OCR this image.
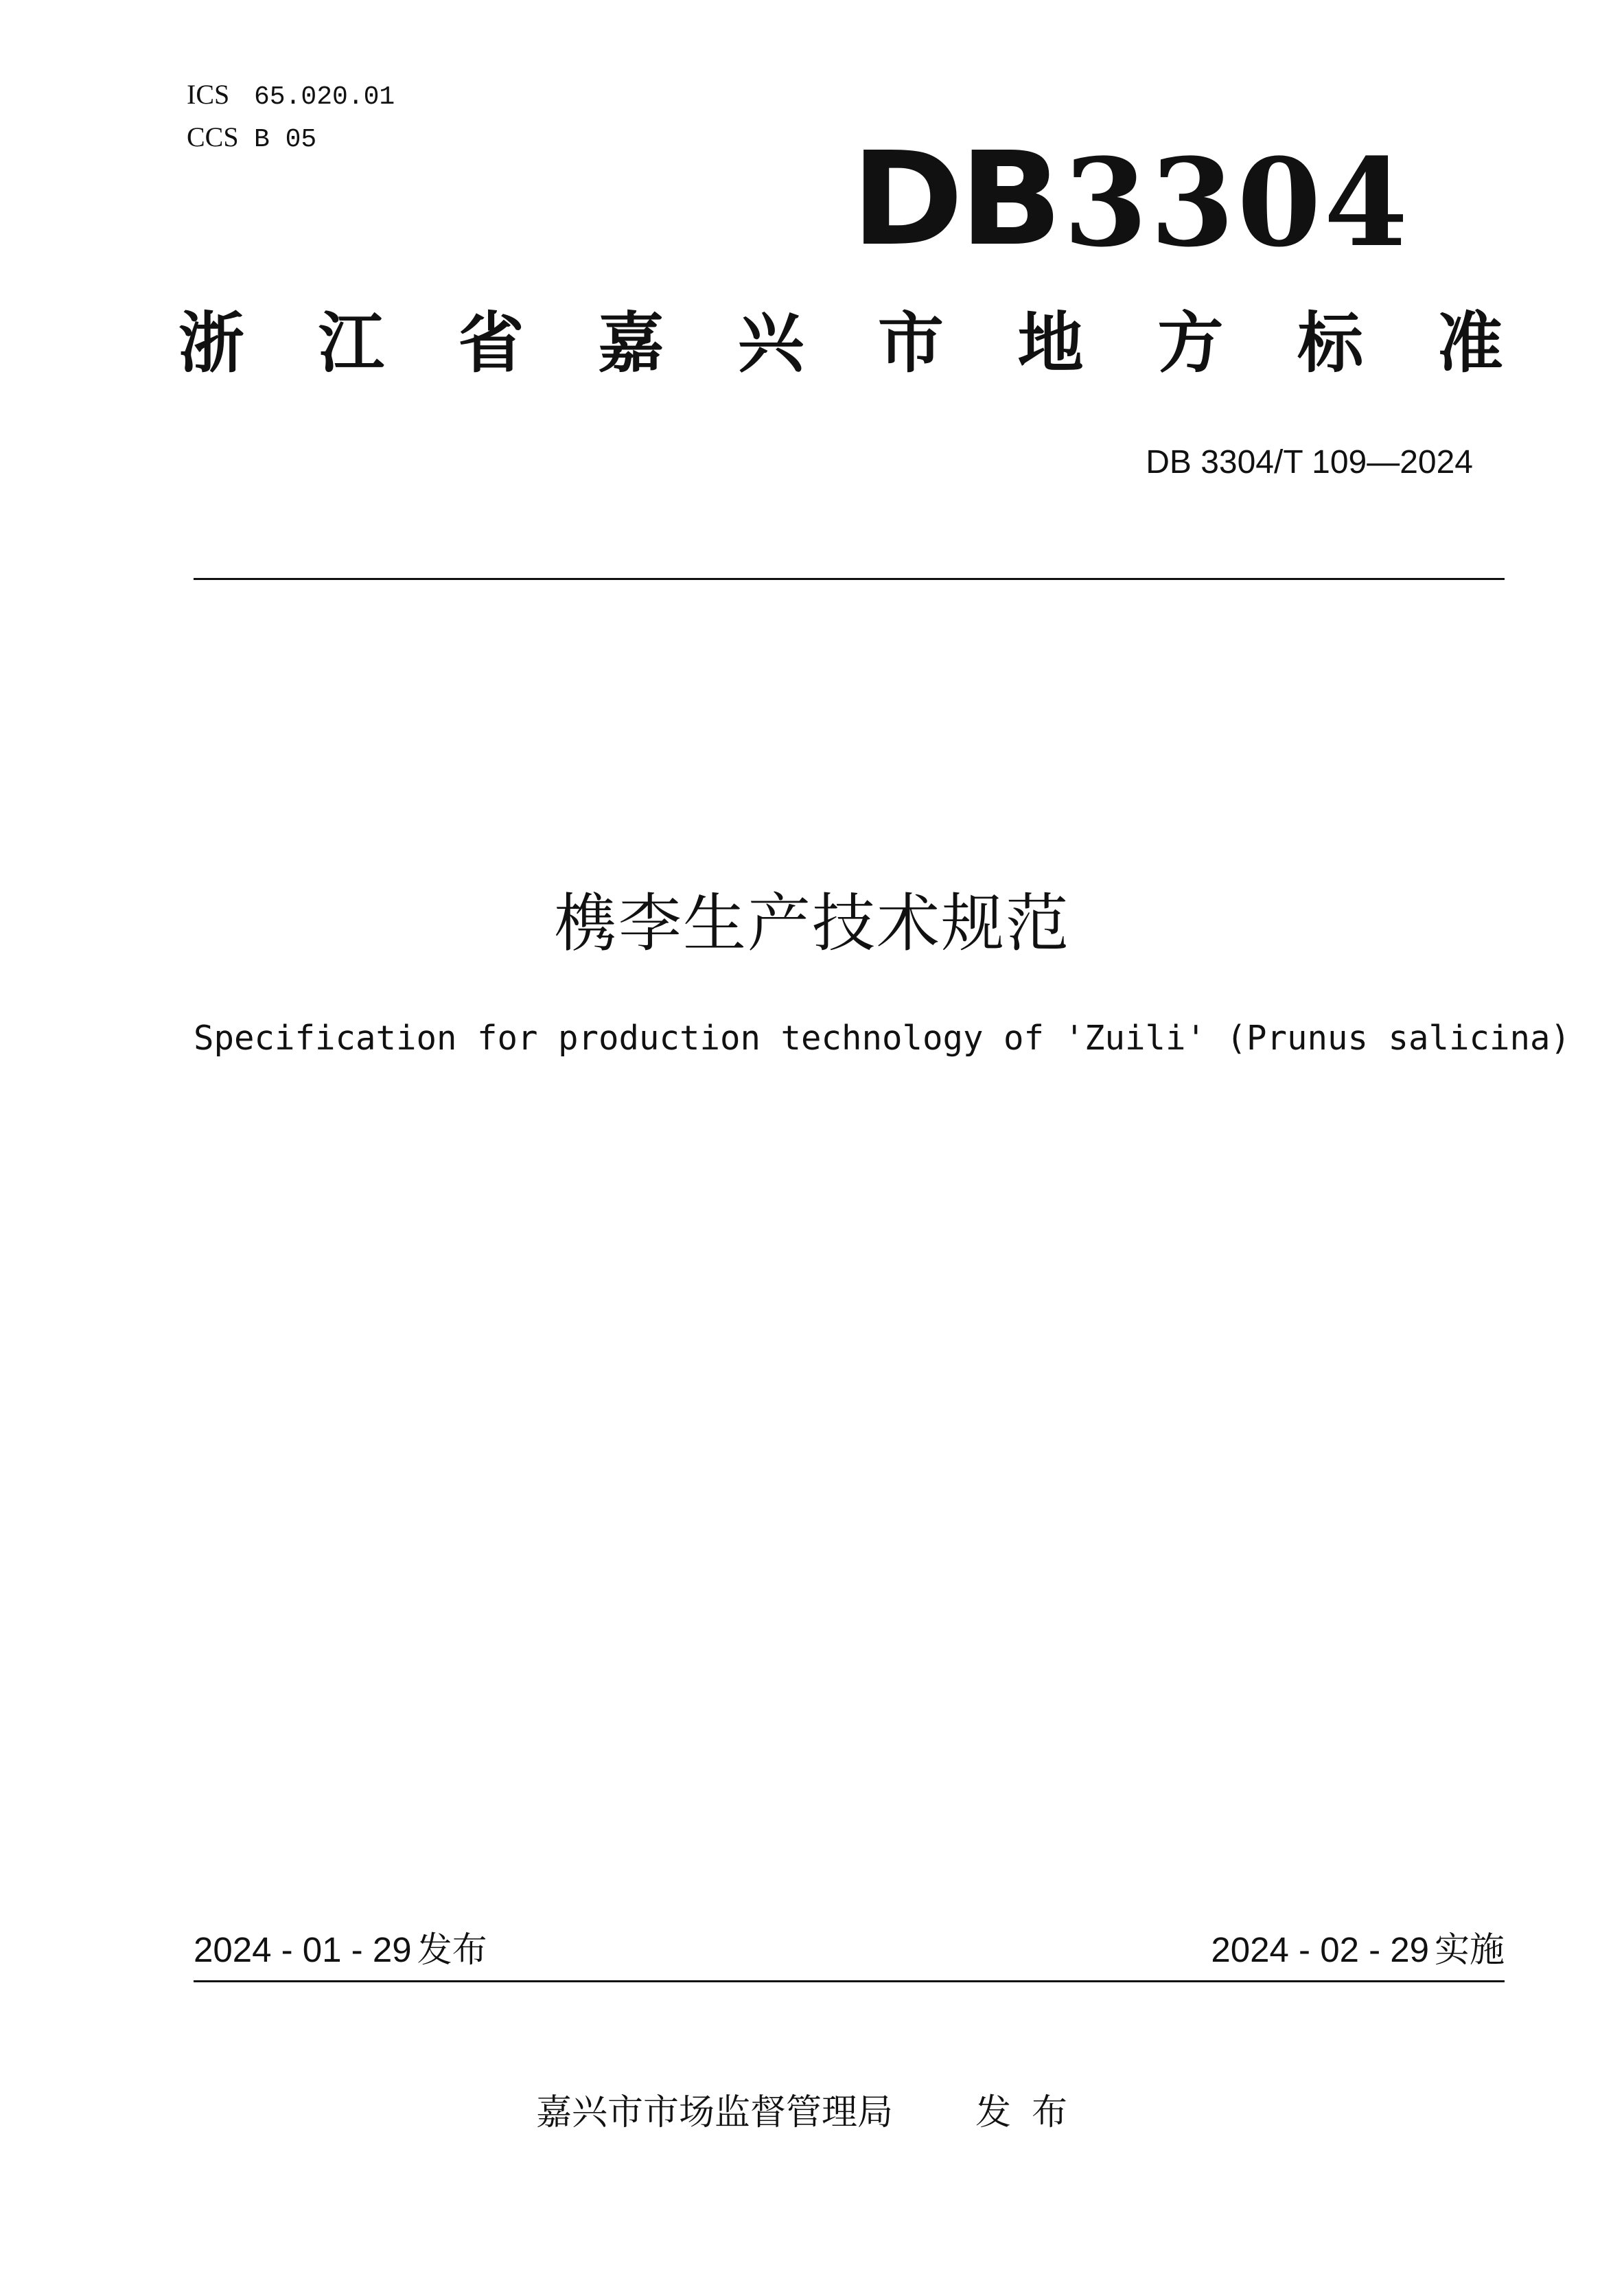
ICS 65.020.01
CCS B 05	DB 3304
浙 江 省 嘉 兴 市 地 方 标 准
DB 3304/T 109—2024
槜李生产技术规范
Specification for production technology of 'Zuili' (Prunus salicina)
2024 - 01 - 29 发布	2024 - 02 - 29 实施
嘉兴市市场监督管理局 发布
